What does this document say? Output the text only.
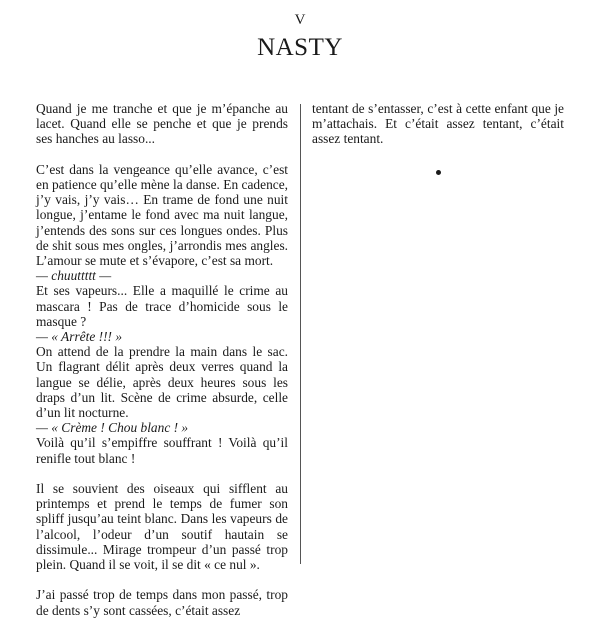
V
NASTY

Quand je me tranche et que je m’épanche au lacet. Quand elle se penche et que je prends ses hanches au lasso...

C’est dans la vengeance qu’elle avance, c’est en patience qu’elle mène la danse. En cadence, j’y vais, j’y vais… En trame de fond une nuit longue, j’entame le fond avec ma nuit langue, j’entends des sons sur ces longues ondes. Plus de shit sous mes ongles, j’arrondis mes angles. L’amour se mute et s’évapore, c’est sa mort.

— chuuttttt —

Et ses vapeurs... Elle a maquillé le crime au mascara ! Pas de trace d’homicide sous le masque ?

— « Arrête !!! »

On attend de la prendre la main dans le sac. Un flagrant délit après deux verres quand la langue se délie, après deux heures sous les draps d’un lit. Scène de crime absurde, celle d’un lit nocturne.

— « Crème ! Chou blanc ! »

Voilà qu’il s’empiffre souffrant ! Voilà qu’il renifle tout blanc !

Il se souvient des oiseaux qui sifflent au printemps et prend le temps de fumer son spliff jusqu’au teint blanc. Dans les vapeurs de l’alcool, l’odeur d’un soutif hautain se dissimule... Mirage trompeur d’un passé trop plein. Quand il se voit, il se dit « ce nul ».

J’ai passé trop de temps dans mon passé, trop de dents s’y sont cassées, c’était assez

tentant de s’entasser, c’est à cette enfant que je m’attachais. Et c’était assez tentant, c’était assez tentant.
